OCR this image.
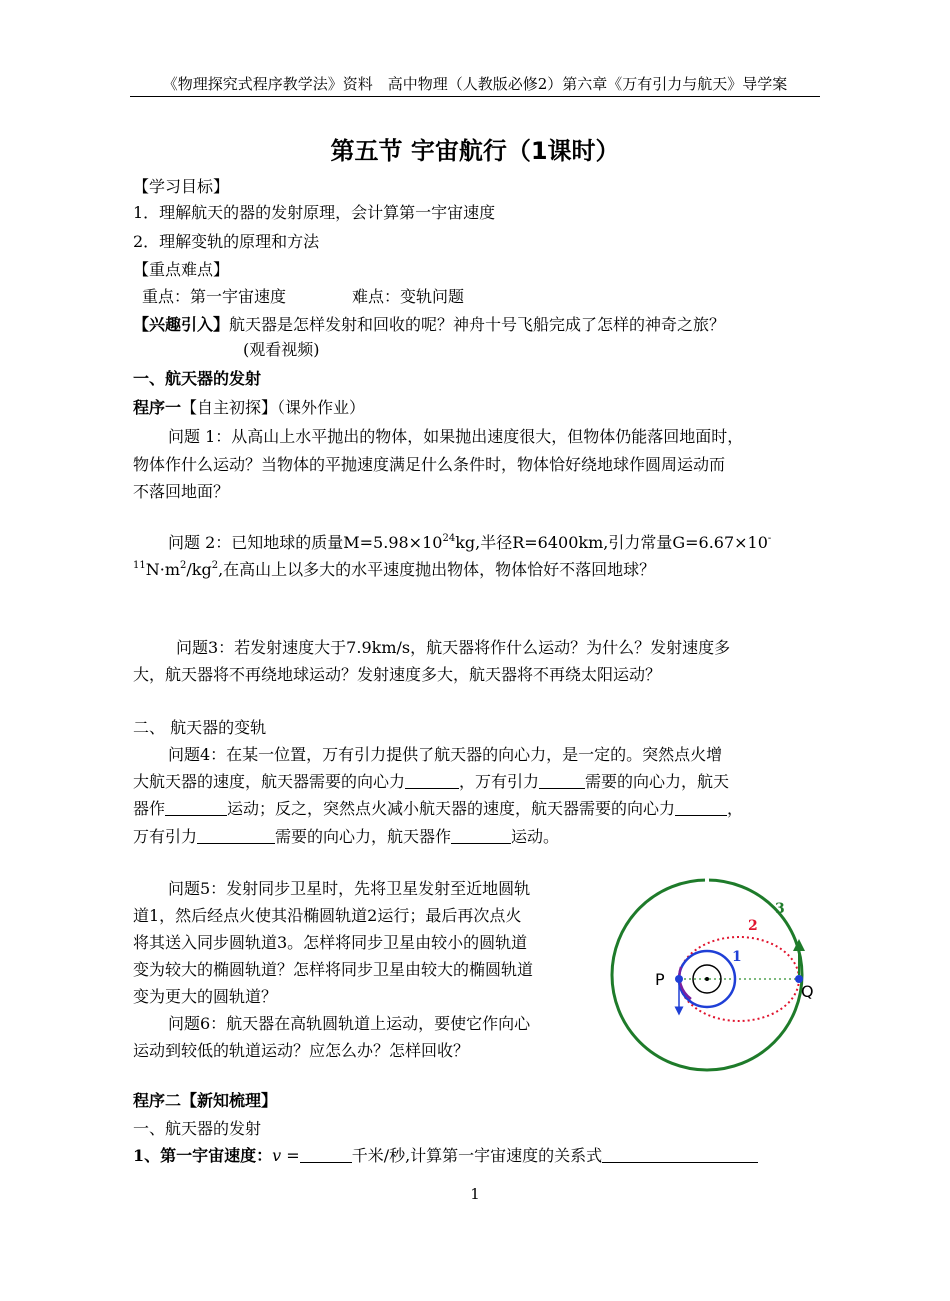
《物理探究式程序教学法》资料　高中物理（人教版必修2）第六章《万有引力与航天》导学案
第五节 宇宙航行（1课时）
【学习目标】
1．理解航天的器的发射原理，会计算第一宇宙速度
2．理解变轨的原理和方法
【重点难点】
重点：第一宇宙速度	难点：变轨问题
【兴趣引入】航天器是怎样发射和回收的呢？神舟十号飞船完成了怎样的神奇之旅？
(观看视频)
一、航天器的发射
程序一【自主初探】（课外作业）
问题 1：从高山上水平抛出的物体，如果抛出速度很大，但物体仍能落回地面时，
物体作什么运动？当物体的平抛速度满足什么条件时，物体恰好绕地球作圆周运动而
不落回地面？
问题 2：已知地球的质量$M=5.98\times 10^{24}kg$,半径R=6400km,引力常量G=6.67×10-
$^{11}N\cdot m^2/kg^2$,在高山上以多大的水平速度抛出物体，物体恰好不落回地球？
问题3：若发射速度大于7.9km/s，航天器将作什么运动？为什么？发射速度多
大，航天器将不再绕地球运动？发射速度多大，航天器将不再绕太阳运动？
二、 航天器的变轨
问题4：在某一位置，万有引力提供了航天器的向心力，是一定的。突然点火增
大航天器的速度，航天器需要的向心力	，万有引力	需要的向心力，航天
器作	运动；反之，突然点火减小航天器的速度，航天器需要的向心力	，
万有引力	需要的向心力，航天器作	运动。
问题5：发射同步卫星时，先将卫星发射至近地圆轨
道1，然后经点火使其沿椭圆轨道2运行；最后再次点火
将其送入同步圆轨道3。怎样将同步卫星由较小的圆轨道
变为较大的椭圆轨道？怎样将同步卫星由较大的椭圆轨道
变为更大的圆轨道？
问题6：航天器在高轨圆轨道上运动，要使它作向心
运动到较低的轨道运动？应怎么办？怎样回收？
P
Q
1
2
3
程序二【新知梳理】
一、航天器的发射
1、第一宇宙速度：v =	千米/秒,计算第一宇宙速度的关系式
1
